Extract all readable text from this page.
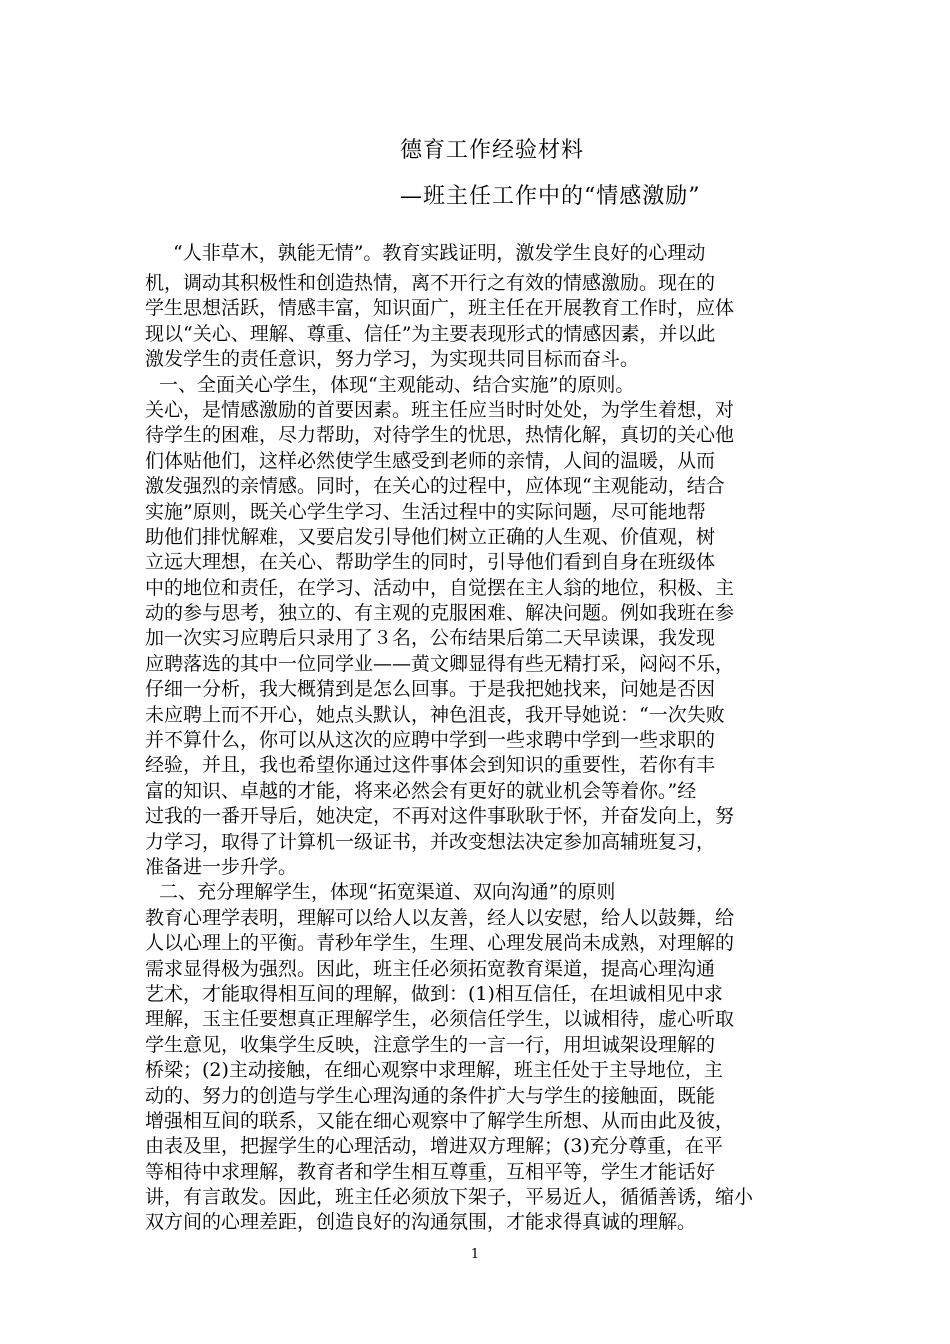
德育工作经验材料
—班主任工作中的“情感激励”
“人非草木，孰能无情”。教育实践证明，激发学生良好的心理动
机，调动其积极性和创造热情，离不开行之有效的情感激励。现在的
学生思想活跃，情感丰富，知识面广，班主任在开展教育工作时，应体
现以“关心、理解、尊重、信任”为主要表现形式的情感因素，并以此
激发学生的责任意识，努力学习，为实现共同目标而奋斗。
一、全面关心学生，体现“主观能动、结合实施”的原则。
关心，是情感激励的首要因素。班主任应当时时处处，为学生着想，对
待学生的困难，尽力帮助，对待学生的忧思，热情化解，真切的关心他
们体贴他们，这样必然使学生感受到老师的亲情，人间的温暖，从而
激发强烈的亲情感。同时，在关心的过程中，应体现“主观能动，结合
实施”原则，既关心学生学习、生活过程中的实际问题，尽可能地帮
助他们排忧解难，又要启发引导他们树立正确的人生观、价值观，树
立远大理想，在关心、帮助学生的同时，引导他们看到自身在班级体
中的地位和责任，在学习、活动中，自觉摆在主人翁的地位，积极、主
动的参与思考，独立的、有主观的克服困难、解决问题。例如我班在参
加一次实习应聘后只录用了３名，公布结果后第二天早读课，我发现
应聘落选的其中一位同学业——黄文卿显得有些无精打采，闷闷不乐，
仔细一分析，我大概猜到是怎么回事。于是我把她找来，问她是否因
未应聘上而不开心，她点头默认，神色沮丧，我开导她说：“一次失败
并不算什么，你可以从这次的应聘中学到一些求聘中学到一些求职的
经验，并且，我也希望你通过这件事体会到知识的重要性，若你有丰
富的知识、卓越的才能，将来必然会有更好的就业机会等着你。”经
过我的一番开导后，她决定，不再对这件事耿耿于怀，并奋发向上，努
力学习，取得了计算机一级证书，并改变想法决定参加高辅班复习，
准备进一步升学。
二、充分理解学生，体现“拓宽渠道、双向沟通”的原则
教育心理学表明，理解可以给人以友善，经人以安慰，给人以鼓舞，给
人以心理上的平衡。青秒年学生，生理、心理发展尚未成熟，对理解的
需求显得极为强烈。因此，班主任必须拓宽教育渠道，提高心理沟通
艺术，才能取得相互间的理解，做到：(1)相互信任，在坦诚相见中求
理解，玉主任要想真正理解学生，必须信任学生，以诚相待，虚心听取
学生意见，收集学生反映，注意学生的一言一行，用坦诚架设理解的
桥梁；(2)主动接触，在细心观察中求理解，班主任处于主导地位，主
动的、努力的创造与学生心理沟通的条件扩大与学生的接触面，既能
增强相互间的联系，又能在细心观察中了解学生所想、从而由此及彼，
由表及里，把握学生的心理活动，增进双方理解；(3)充分尊重，在平
等相待中求理解，教育者和学生相互尊重，互相平等，学生才能话好
讲，有言敢发。因此，班主任必须放下架子，平易近人，循循善诱，缩小
双方间的心理差距，创造良好的沟通氛围，才能求得真诚的理解。
1
